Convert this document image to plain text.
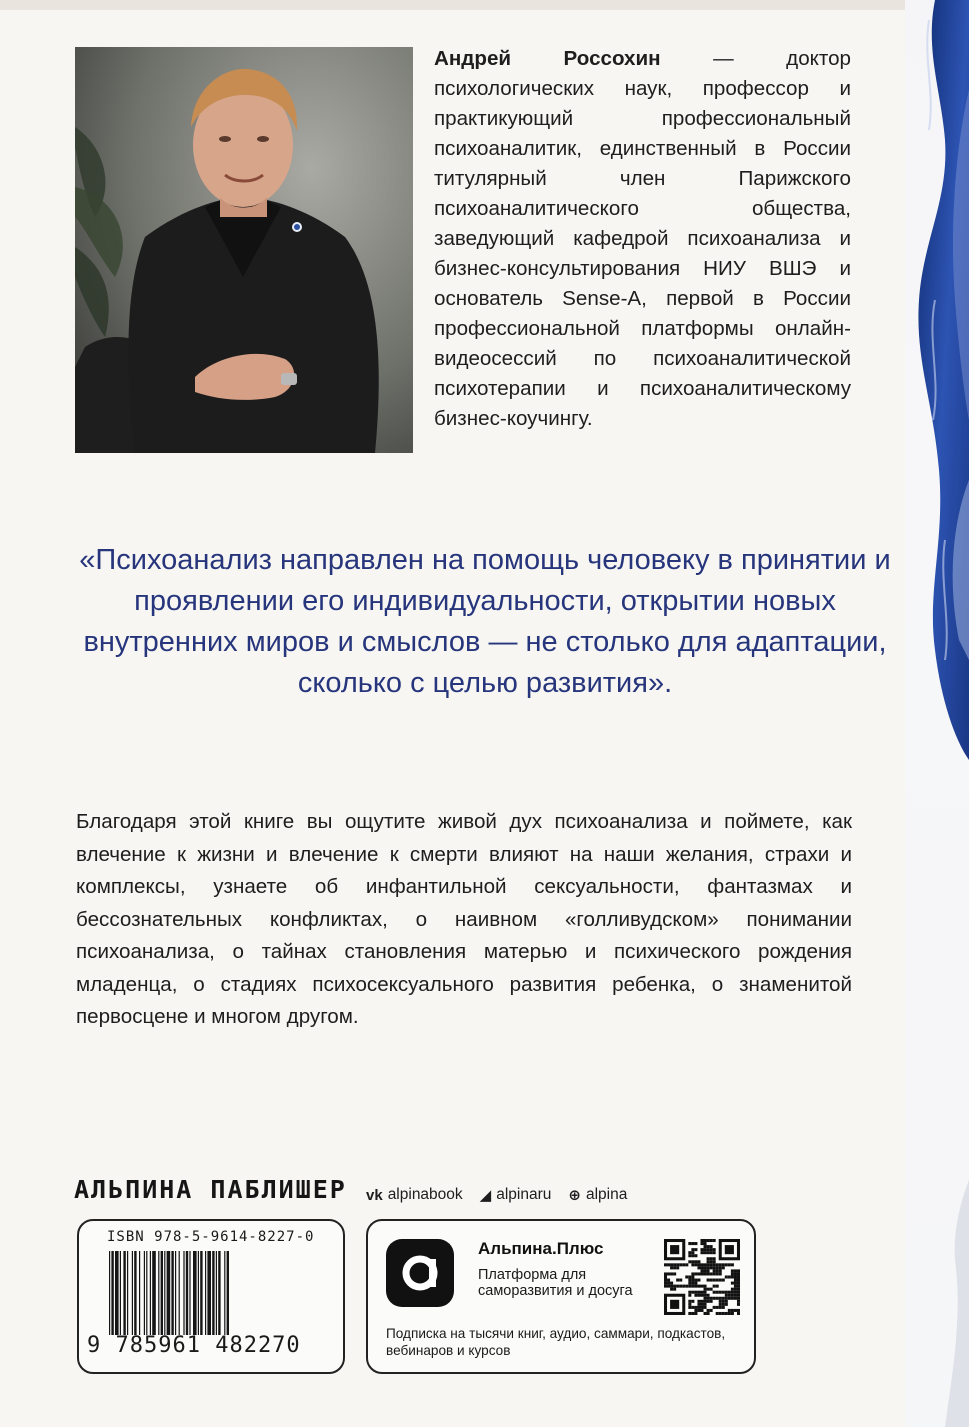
Андрей Россохин — доктор психологических наук, профессор и практикующий профессиональный психоаналитик, единственный в России титулярный член Парижского психоаналитического общества, заведующий кафедрой психоанализа и бизнес-консультирования НИУ ВШЭ и основатель Sense-A, первой в России профессиональной платформы онлайн-видеосессий по психоаналитической психотерапии и психоаналитическому бизнес-коучингу.

«Психоанализ направлен на помощь человеку в принятии и проявлении его индивидуальности, открытии новых внутренних миров и смыслов — не столько для адаптации, сколько с целью развития».

Благодаря этой книге вы ощутите живой дух психоанализа и поймете, как влечение к жизни и влечение к смерти влияют на наши желания, страхи и комплексы, узнаете об инфантильной сексуальности, фантазмах и бессознательных конфликтах, о наивном «голливудском» понимании психоанализа, о тайнах становления матерью и психического рождения младенца, о стадиях психосексуального развития ребенка, о знаменитой первосцене и многом другом.

АЛЬПИНА ПАБЛИШЕР vk alpinabook ◢ alpinaru ⊕ alpina
ISBN 978-5-9614-8227-0
9 785961 482270
Альпина.Плюс

Платформа для саморазвития и досуга

Подписка на тысячи книг, аудио, саммари, подкастов, вебинаров и курсов
